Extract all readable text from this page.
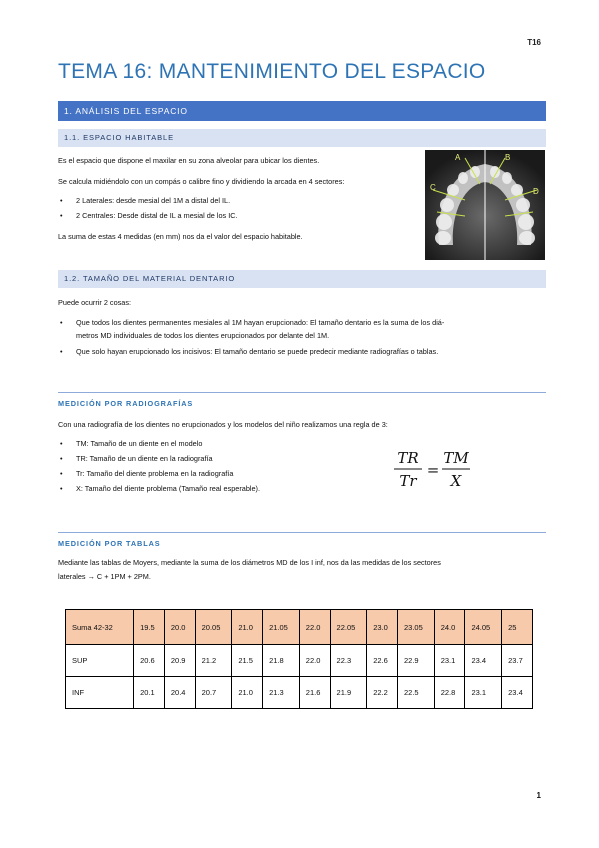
T16
TEMA 16: MANTENIMIENTO DEL ESPACIO
1. ANÁLISIS DEL ESPACIO
1.1. ESPACIO HABITABLE
Es el espacio que dispone el maxilar en su zona alveolar para ubicar los dientes.
Se calcula midiéndolo con un compás o calibre fino y dividiendo la arcada en 4 sectores:
• 2 Laterales: desde mesial del 1M a distal del IL.
• 2 Centrales: Desde distal de IL a mesial de los IC.
La suma de estas 4 medidas (en mm) nos da el valor del espacio habitable.
A	B
C	D
1.2. TAMAÑO DEL MATERIAL DENTARIO
Puede ocurrir 2 cosas:
• Que todos los dientes permanentes mesiales al 1M hayan erupcionado: El tamaño dentario es la suma de los diá-
metros MD individuales de todos los dientes erupcionados por delante del 1M.
• Que solo hayan erupcionado los incisivos: El tamaño dentario se puede predecir mediante radiografías o tablas.
MEDICIÓN POR RADIOGRAFÍAS
Con una radiografía de los dientes no erupcionados y los modelos del niño realizamos una regla de 3:
• TM: Tamaño de un diente en el modelo
• TR: Tamaño de un diente en la radiografía
• Tr: Tamaño del diente problema en la radiografía
• X: Tamaño del diente problema (Tamaño real esperable).
TR
Tr
=
TM
X
MEDICIÓN POR TABLAS
Mediante las tablas de Moyers, mediante la suma de los diámetros MD de los I inf, nos da las medidas de los sectores
laterales → C + 1PM + 2PM.
Suma 42-32	19.5	20.0	20.05	21.0	21.05	22.0	22.05	23.0	23.05	24.0	24.05	25
SUP	20.6	20.9	21.2	21.5	21.8	22.0	22.3	22.6	22.9	23.1	23.4	23.7
INF	20.1	20.4	20.7	21.0	21.3	21.6	21.9	22.2	22.5	22.8	23.1	23.4
1
